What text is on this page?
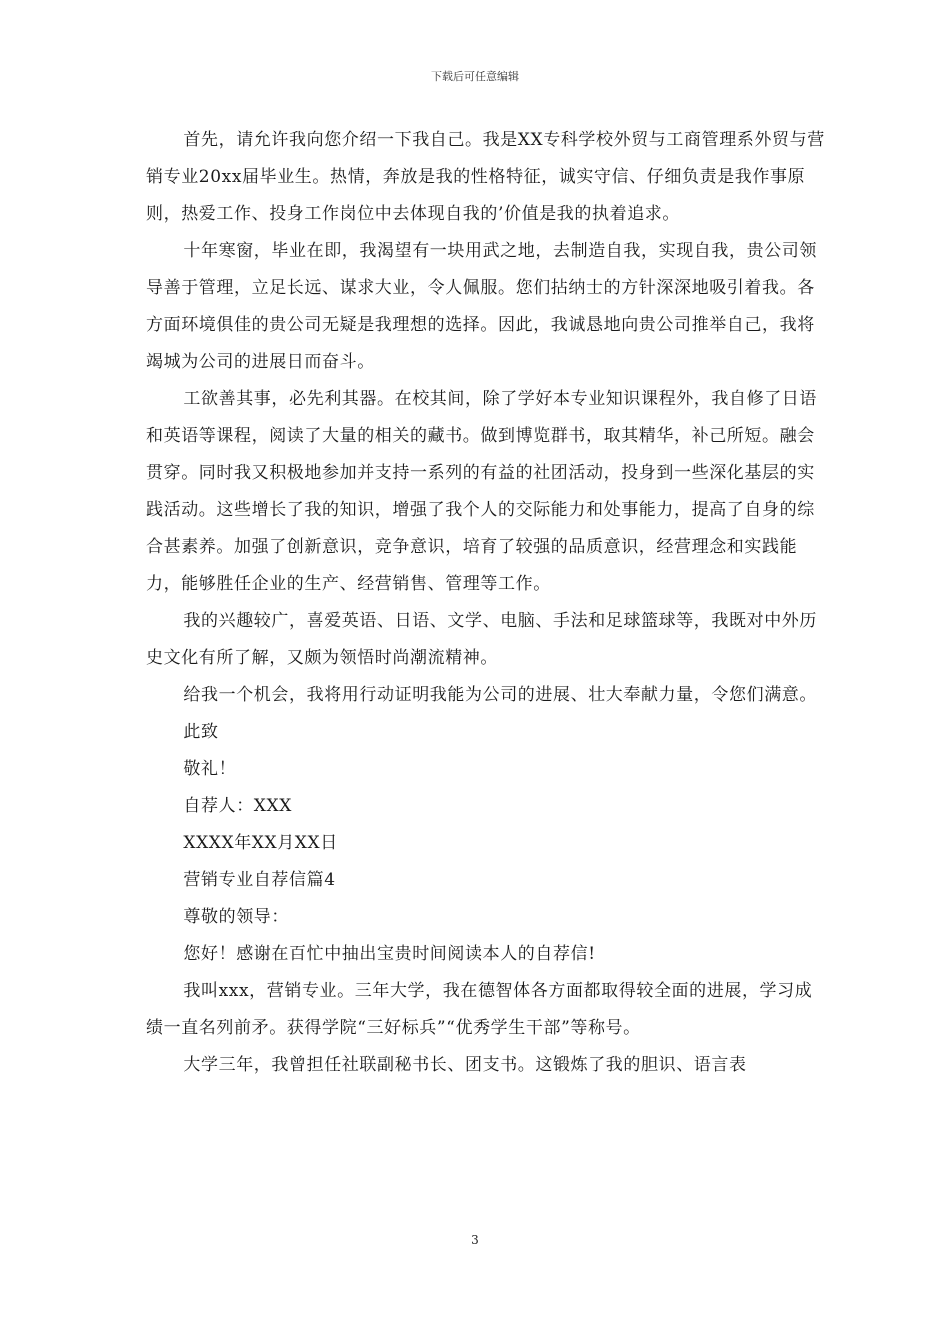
下载后可任意编辑

首先，请允许我向您介绍一下我自己。我是XX专科学校外贸与工商管理系外贸与营销专业20xx届毕业生。热情，奔放是我的性格特征，诚实守信、仔细负责是我作事原则，热爱工作、投身工作岗位中去体现自我的’价值是我的执着追求。

十年寒窗，毕业在即，我渴望有一块用武之地，去制造自我，实现自我，贵公司领导善于管理，立足长远、谋求大业，令人佩服。您们拈纳士的方针深深地吸引着我。各方面环境俱佳的贵公司无疑是我理想的选择。因此，我诚恳地向贵公司推举自己，我将竭城为公司的进展日而奋斗。

工欲善其事，必先利其器。在校其间，除了学好本专业知识课程外，我自修了日语和英语等课程，阅读了大量的相关的藏书。做到博览群书，取其精华，补己所短。融会贯穿。同时我又积极地参加并支持一系列的有益的社团活动，投身到一些深化基层的实践活动。这些增长了我的知识，增强了我个人的交际能力和处事能力，提高了自身的综合甚素养。加强了创新意识，竞争意识，培育了较强的品质意识，经营理念和实践能力，能够胜任企业的生产、经营销售、管理等工作。

我的兴趣较广，喜爱英语、日语、文学、电脑、手法和足球篮球等，我既对中外历史文化有所了解，又颇为领悟时尚潮流精神。

给我一个机会，我将用行动证明我能为公司的进展、壮大奉献力量，令您们满意。

此致

敬礼！

自荐人：XXX

XXXX年XX月XX日

营销专业自荐信篇4

尊敬的领导：

您好！感谢在百忙中抽出宝贵时间阅读本人的自荐信!

我叫xxx，营销专业。三年大学，我在德智体各方面都取得较全面的进展，学习成绩一直名列前矛。获得学院“三好标兵”“优秀学生干部”等称号。

大学三年，我曾担任社联副秘书长、团支书。这锻炼了我的胆识、语言表

3
